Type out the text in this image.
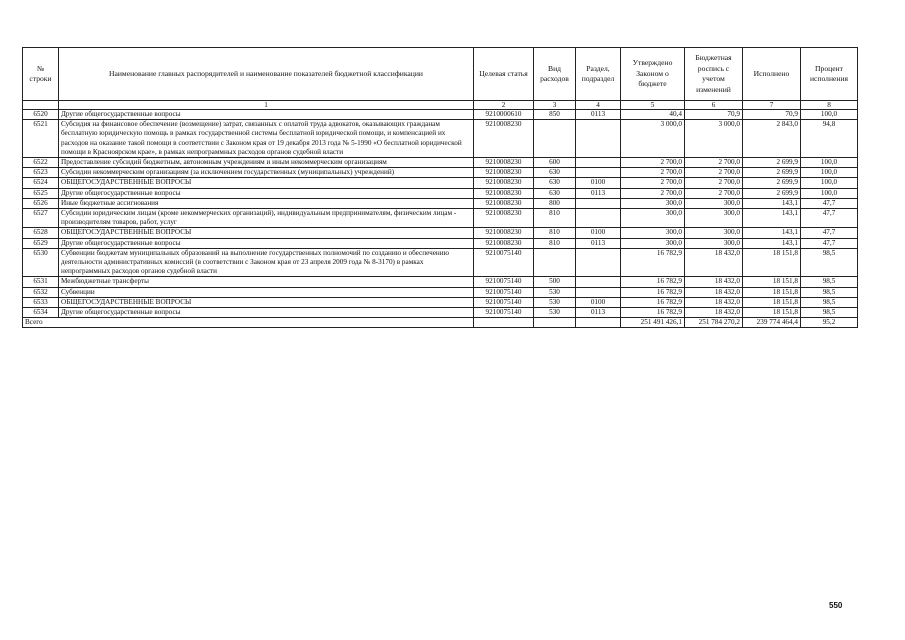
№ строки	Наименование главных распорядителей и наименование показателей бюджетной классификации	Целевая статья	Вид расходов	Раздел, подраздел	Утверждено Законом о бюджете	Бюджетная роспись с учетом изменений	Исполнено	Процент исполнения
	1	2	3	4	5	6	7	8
6520	Другие общегосударственные вопросы	9210000610	850	0113	40,4	70,9	70,9	100,0
6521	Субсидия на финансовое обеспечение (возмещение) затрат, связанных с оплатой труда адвокатов, оказывающих гражданам бесплатную юридическую помощь в рамках государственной системы бесплатной юридической помощи, и компенсацией их расходов на оказание такой помощи в соответствии с Законом края от 19 декабря 2013 года № 5-1990 «О бесплатной юридической помощи в Красноярском крае», в рамках непрограммных расходов органов судебной власти	9210008230			3 000,0	3 000,0	2 843,0	94,8
6522	Предоставление субсидий бюджетным, автономным учреждениям и иным некоммерческим организациям	9210008230	600		2 700,0	2 700,0	2 699,9	100,0
6523	Субсидии некоммерческим организациям (за исключением государственных (муниципальных) учреждений)	9210008230	630		2 700,0	2 700,0	2 699,9	100,0
6524	ОБЩЕГОСУДАРСТВЕННЫЕ ВОПРОСЫ	9210008230	630	0100	2 700,0	2 700,0	2 699,9	100,0
6525	Другие общегосударственные вопросы	9210008230	630	0113	2 700,0	2 700,0	2 699,9	100,0
6526	Иные бюджетные ассигнования	9210008230	800		300,0	300,0	143,1	47,7
6527	Субсидии юридическим лицам (кроме некоммерческих организаций), индивидуальным предпринимателям, физическим лицам - производителям товаров, работ, услуг	9210008230	810		300,0	300,0	143,1	47,7
6528	ОБЩЕГОСУДАРСТВЕННЫЕ ВОПРОСЫ	9210008230	810	0100	300,0	300,0	143,1	47,7
6529	Другие общегосударственные вопросы	9210008230	810	0113	300,0	300,0	143,1	47,7
6530	Субвенции бюджетам муниципальных образований на выполнение государственных полномочий по созданию и обеспечению деятельности административных комиссий (в соответствии с Законом края от 23 апреля 2009 года № 8-3170) в рамках непрограммных расходов органов судебной власти	9210075140			16 782,9	18 432,0	18 151,8	98,5
6531	Межбюджетные трансферты	9210075140	500		16 782,9	18 432,0	18 151,8	98,5
6532	Субвенции	9210075140	530		16 782,9	18 432,0	18 151,8	98,5
6533	ОБЩЕГОСУДАРСТВЕННЫЕ ВОПРОСЫ	9210075140	530	0100	16 782,9	18 432,0	18 151,8	98,5
6534	Другие общегосударственные вопросы	9210075140	530	0113	16 782,9	18 432,0	18 151,8	98,5
Всего					251 491 426,1	251 784 270,2	239 774 464,4	95,2
550
